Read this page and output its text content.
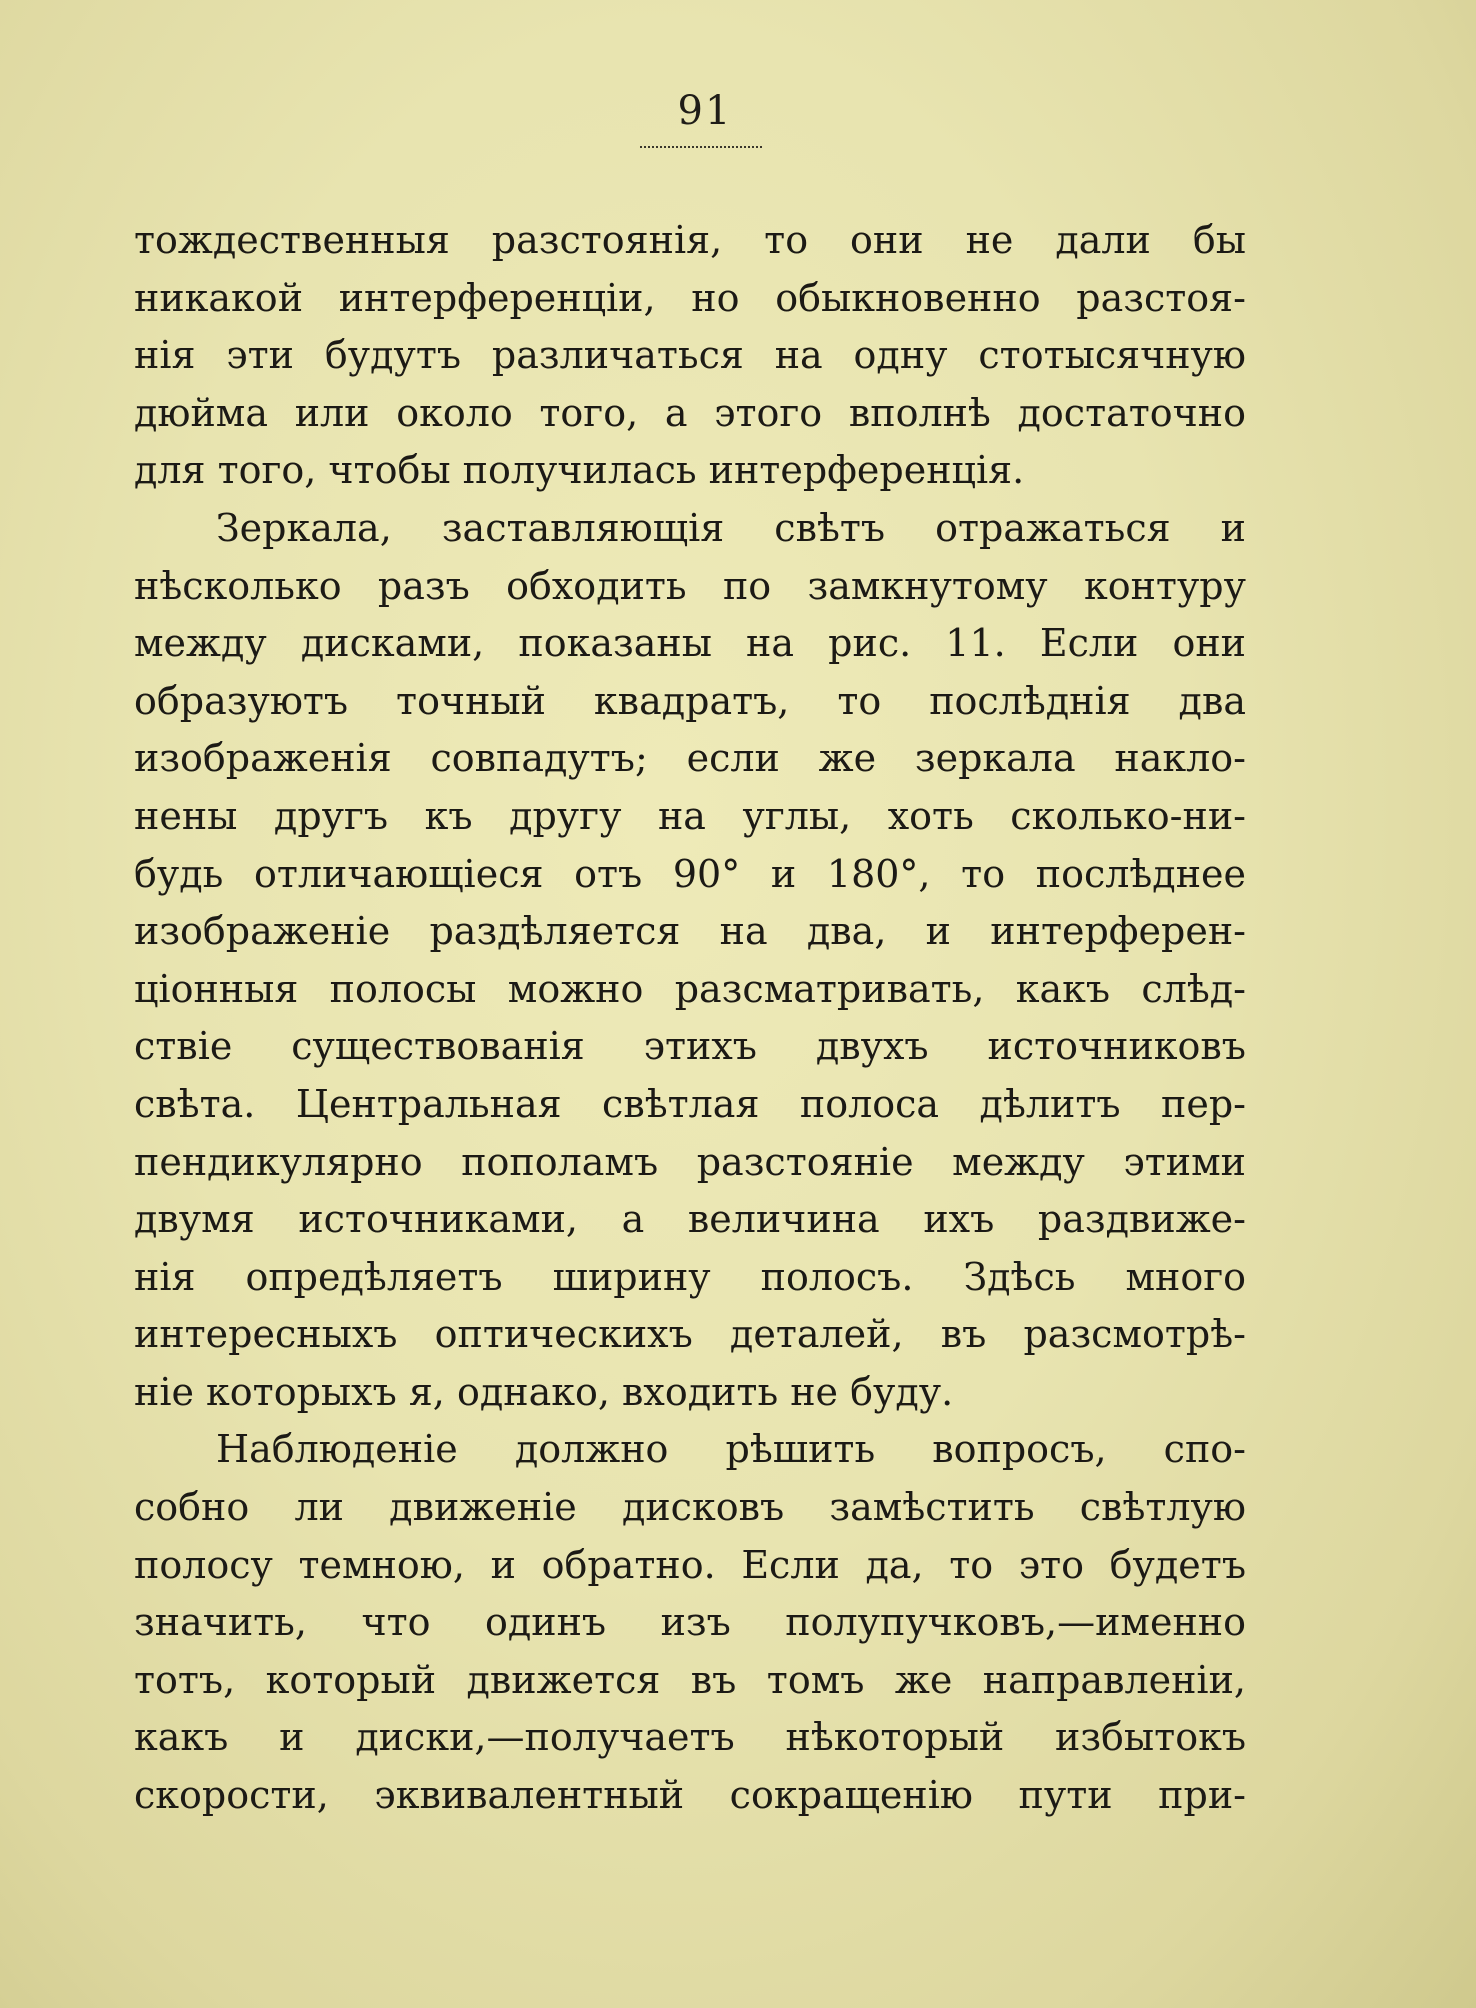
91
тождественныя разстоянія, то они не дали бы
никакой интерференціи, но обыкновенно разстоя-
нія эти будутъ различаться на одну стотысячную
дюйма или около того, а этого вполнѣ достаточно
для того, чтобы получилась интерференція.
Зеркала, заставляющія свѣтъ отражаться и
нѣсколько разъ обходить по замкнутому контуру
между дисками, показаны на рис. 11. Если они
образуютъ точный квадратъ, то послѣднія два
изображенія совпадутъ; если же зеркала накло-
нены другъ къ другу на углы, хоть сколько-ни-
будь отличающіеся отъ 90° и 180°, то послѣднее
изображеніе раздѣляется на два, и интерферен-
ціонныя полосы можно разсматривать, какъ слѣд-
ствіе существованія этихъ двухъ источниковъ
свѣта. Центральная свѣтлая полоса дѣлитъ пер-
пендикулярно пополамъ разстояніе между этими
двумя источниками, а величина ихъ раздвиже-
нія опредѣляетъ ширину полосъ. Здѣсь много
интересныхъ оптическихъ деталей, въ разсмотрѣ-
ніе которыхъ я, однако, входить не буду.
Наблюденіе должно рѣшить вопросъ, спо-
собно ли движеніе дисковъ замѣстить свѣтлую
полосу темною, и обратно. Если да, то это будетъ
значить, что одинъ изъ полупучковъ,—именно
тотъ, который движется въ томъ же направленіи,
какъ и диски,—получаетъ нѣкоторый избытокъ
скорости, эквивалентный сокращенію пути при-
